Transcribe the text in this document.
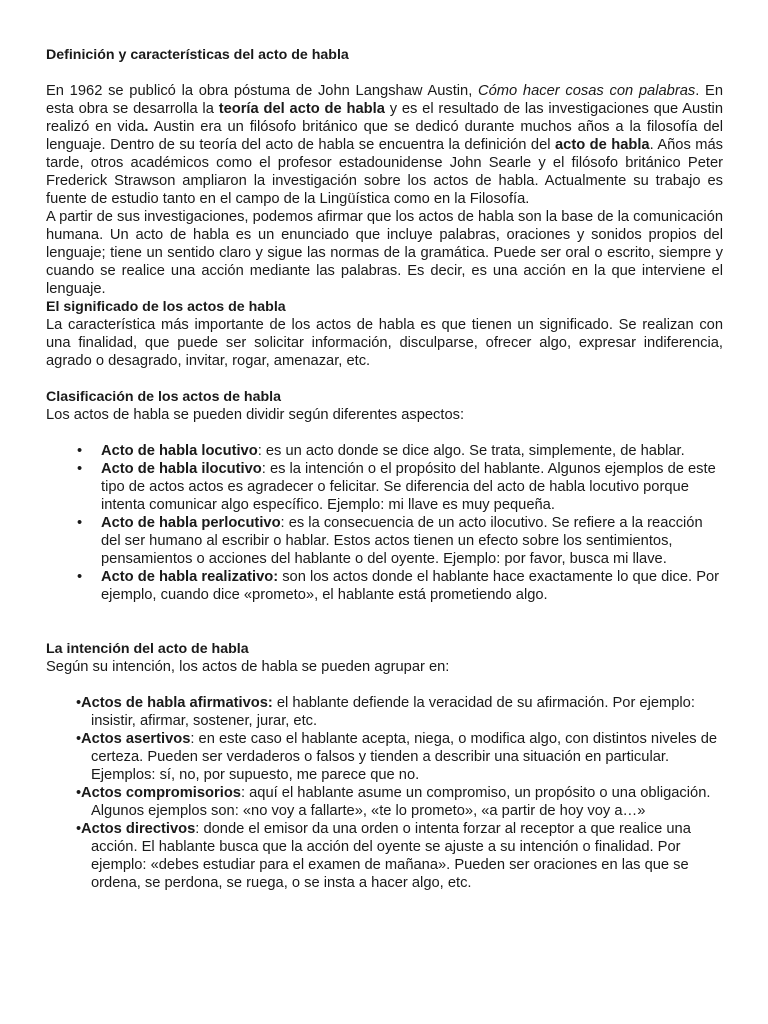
Definición y características del acto de habla

En 1962 se publicó la obra póstuma de John Langshaw Austin, Cómo hacer cosas con palabras. En esta obra se desarrolla la teoría del acto de habla y es el resultado de las investigaciones que Austin realizó en vida. Austin era un filósofo británico que se dedicó durante muchos años a la filosofía del lenguaje. Dentro de su teoría del acto de habla se encuentra la definición del acto de habla. Años más tarde, otros académicos como el profesor estadounidense John Searle y el filósofo británico Peter Frederick Strawson ampliaron la investigación sobre los actos de habla. Actualmente su trabajo es fuente de estudio tanto en el campo de la Lingüística como en la Filosofía.

A partir de sus investigaciones, podemos afirmar que los actos de habla son la base de la comunicación humana. Un acto de habla es un enunciado que incluye palabras, oraciones y sonidos propios del lenguaje; tiene un sentido claro y sigue las normas de la gramática. Puede ser oral o escrito, siempre y cuando se realice una acción mediante las palabras. Es decir, es una acción en la que interviene el lenguaje.

El significado de los actos de habla

La característica más importante de los actos de habla es que tienen un significado. Se realizan con una finalidad, que puede ser solicitar información, disculparse, ofrecer algo, expresar indiferencia, agrado o desagrado, invitar, rogar, amenazar, etc.

Clasificación de los actos de habla

Los actos de habla se pueden dividir según diferentes aspectos:

• Acto de habla locutivo: es un acto donde se dice algo. Se trata, simplemente, de hablar.
• Acto de habla ilocutivo: es la intención o el propósito del hablante. Algunos ejemplos de este tipo de actos actos es agradecer o felicitar. Se diferencia del acto de habla locutivo porque intenta comunicar algo específico. Ejemplo: mi llave es muy pequeña.
• Acto de habla perlocutivo: es la consecuencia de un acto ilocutivo. Se refiere a la reacción del ser humano al escribir o hablar. Estos actos tienen un efecto sobre los sentimientos, pensamientos o acciones del hablante o del oyente. Ejemplo: por favor, busca mi llave.
• Acto de habla realizativo: son los actos donde el hablante hace exactamente lo que dice. Por ejemplo, cuando dice «prometo», el hablante está prometiendo algo.
La intención del acto de habla

Según su intención, los actos de habla se pueden agrupar en:

• Actos de habla afirmativos: el hablante defiende la veracidad de su afirmación. Por ejemplo: insistir, afirmar, sostener, jurar, etc.
• Actos asertivos: en este caso el hablante acepta, niega, o modifica algo, con distintos niveles de certeza. Pueden ser verdaderos o falsos y tienden a describir una situación en particular. Ejemplos: sí, no, por supuesto, me parece que no.
• Actos compromisorios: aquí el hablante asume un compromiso, un propósito o una obligación. Algunos ejemplos son: «no voy a fallarte», «te lo prometo», «a partir de hoy voy a…»
• Actos directivos: donde el emisor da una orden o intenta forzar al receptor a que realice una acción. El hablante busca que la acción del oyente se ajuste a su intención o finalidad. Por ejemplo: «debes estudiar para el examen de mañana». Pueden ser oraciones en las que se ordena, se perdona, se ruega, o se insta a hacer algo, etc.
